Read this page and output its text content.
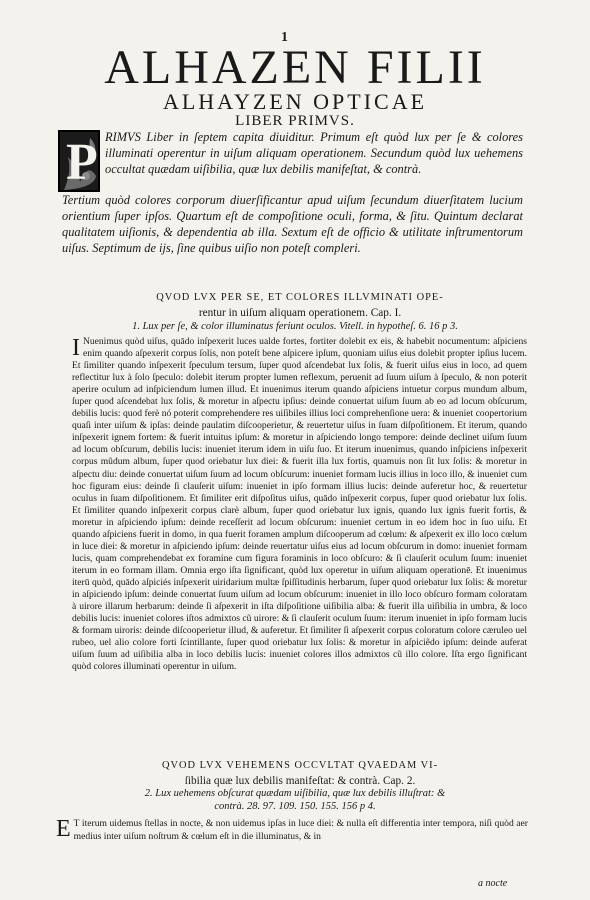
1
ALHAZEN FILII
ALHAYZEN OPTICAE
LIBER PRIMVS.
P RIMVS Liber in ſeptem capita diuiditur. Primum eſt quòd lux per ſe & colores illuminati operentur in uiſum aliquam operationem. Secundum quòd lux uehemens occultat quædam uiſibilia, quæ lux debilis manifeſtat, & contrà.
Tertium quòd colores corporum diuerſificantur apud uiſum ſecundum diuerſitatem lucium orientium ſuper ipſos. Quartum eſt de compoſitione oculi, forma, & ſitu. Quintum declarat qualitatem uiſionis, & dependentia ab illa. Sextum eſt de officio & utilitate inſtrumentorum uiſus. Septimum de ijs, ſine quibus uiſio non poteſt compleri.
QVOD LVX PER SE, ET COLORES ILLVMINATI OPE-
rentur in uiſum aliquam operationem. Cap. I.
1. Lux per ſe, & color illuminatus feriunt oculos. Vitell. in hypotheſ. 6. 16 p 3.

I Nuenimus quòd uiſus, quādo inſpexerit luces ualde fortes, fortiter dolebit ex eis, & habebit nocumentum: aſpiciens enim quando aſpexerit corpus ſolis, non poteſt bene aſpicere ipſum, quoniam uiſus eius dolebit propter ipſius lucem. Et ſimiliter quando inſpexerit ſpeculum tersum, ſuper quod aſcendebat lux ſolis, & fuerit uiſus eius in loco, ad quem reflectitur lux à ſolo ſpeculo: dolebit iterum propter lumen reflexum, peruenit ad ſuum uiſum à ſpeculo, & non poterit aperire oculum ad inſpiciendum lumen illud. Et inuenimus iterum quando aſpiciens intuetur corpus mundum album, ſuper quod aſcendebat lux ſolis, & moretur in aſpectu ipſius: deinde conuertat uiſum ſuum ab eo ad locum obſcurum, debilis lucis: quod ferè nó poterit comprehendere res uiſibiles illius loci comprehenſione uera: & inueniet coopertorium quaſi inter uiſum & ipſas: deinde paulatim diſcooperietur, & reuertetur uiſus in ſuam diſpoſitionem. Et iterum, quando inſpexerit ignem fortem: & fuerit intuitus ipſum: & moretur in aſpiciendo longo tempore: deinde declinet uiſum ſuum ad locum obſcurum, debilis lucis: inueniet iterum idem in uiſu ſuo. Et iterum inuenimus, quando inſpiciens inſpexerit corpus mũdum album, ſuper quod oriebatur lux diei: & fuerit illa lux fortis, quamuis non ſit lux ſolis: & moretur in aſpectu diu: deinde conuertat uiſum ſuum ad locum obſcurum: inueniet formam lucis illius in loco illo, & inueniet cum hoc figuram eius: deinde ſi clauſerit uiſum: inueniet in ipſo formam illius lucis: deinde auferetur hoc, & reuertetur oculus in ſuam diſpoſitionem. Et ſimiliter erit diſpoſitus uiſus, quādo inſpexerit corpus, ſuper quod oriebatur lux ſolis. Et ſimiliter quando inſpexerit corpus clarè album, ſuper quod oriebatur lux ignis, quando lux ignis fuerit fortis, & moretur in aſpiciendo ipſum: deinde receſſerit ad locum obſcurum: inueniet certum in eo idem hoc in ſuo uiſu. Et quando aſpiciens fuerit in domo, in qua fuerit foramen amplum diſcooperum ad cœlum: & aſpexerit ex illo loco cœlum in luce diei: & moretur in aſpiciendo ipſum: deinde reuertatur uiſus eius ad locum obſcurum in domo: inueniet formam lucis, quam comprehendebat ex foramine cum figura foraminis in loco obſcuro: & ſi clauſerit oculum ſuum: inueniet iterum in eo formam illam. Omnia ergo iſta ſignificant, quòd lux operetur in uiſum aliquam operationē. Et inuenimus iterū quòd, quādo aſpiciés inſpexerit uiridarium multæ ſpiſſitudinis herbarum, ſuper quod oriebatur lux ſolis: & moretur in aſpiciendo ipſum: deinde conuertat ſuum uiſum ad locum obſcurum: inueniet in illo loco obſcuro formam coloratam à uirore illarum herbarum: deinde ſi aſpexerit in iſta diſpoſitione uiſibilia alba: & fuerit illa uiſibilia in umbra, & loco debilis lucis: inueniet colores iſtos admixtos cũ uirore: & ſi clauſerit oculum ſuum: iterum inueniet in ipſo formam lucis & formam uiroris: deinde diſcooperietur illud, & auferetur. Et ſimiliter ſi aſpexerit corpus coloratum colore cæruleo uel rubeo, uel alio colore forti ſcintillante, ſuper quod oriebatur lux ſolis: & moretur in aſpiciẽdo ipſum: deinde auferat uiſum ſuum ad uiſibilia alba in loco debilis lucis: inueniet colores illos admixtos cũ illo colore. Iſta ergo ſignificant quòd colores illuminati operentur in uiſum.

QVOD LVX VEHEMENS OCCVLTAT QVAEDAM VI-
ſibilia quæ lux debilis manifeſtat: & contrà. Cap. 2.
2. Lux uehemens obſcurat quædam uiſibilia, quæ lux debilis illuſtrat: &
contrà. 28. 97. 109. 150. 155. 156 p 4.
E T iterum uidemus ſtellas in nocte, & non uidemus ipſas in luce diei: & nulla eſt differentia inter tempora, niſi quòd aer medius inter uiſum noſtrum & cœlum eſt in die illuminatus, & in
a nocte
